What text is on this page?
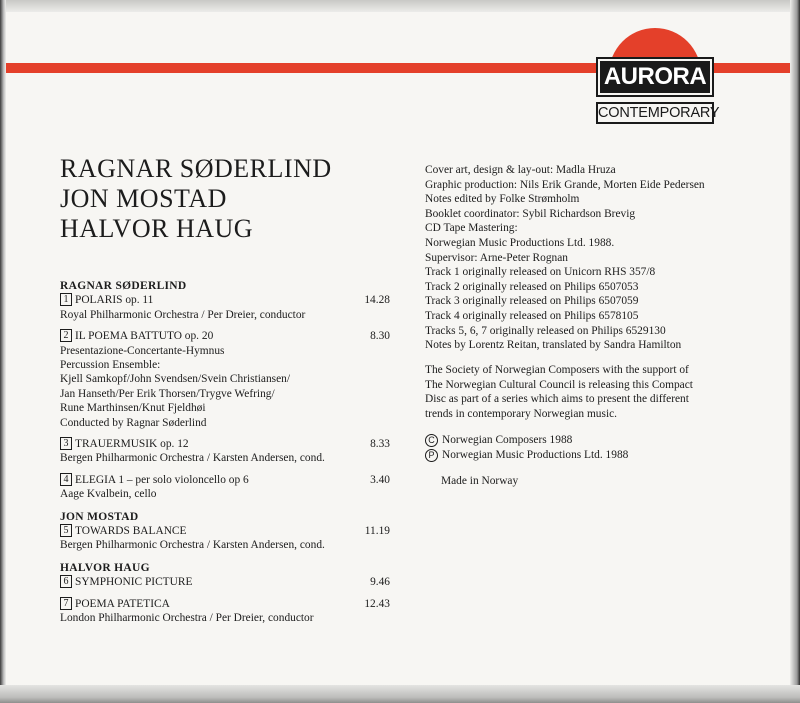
AURORA
CONTEMPORARY
RAGNAR SØDERLIND
JON MOSTAD
HALVOR HAUG
RAGNAR SØDERLIND
1 POLARIS op. 11	14.28
Royal Philharmonic Orchestra / Per Dreier, conductor
2 IL POEMA BATTUTO op. 20	8.30
Presentazione-Concertante-Hymnus
Percussion Ensemble:
Kjell Samkopf/John Svendsen/Svein Christiansen/
Jan Hanseth/Per Erik Thorsen/Trygve Wefring/
Rune Marthinsen/Knut Fjeldhøi
Conducted by Ragnar Søderlind
3 TRAUERMUSIK op. 12	8.33
Bergen Philharmonic Orchestra / Karsten Andersen, cond.
4 ELEGIA 1 – per solo violoncello op 6	3.40
Aage Kvalbein, cello
JON MOSTAD
5 TOWARDS BALANCE	11.19
Bergen Philharmonic Orchestra / Karsten Andersen, cond.
HALVOR HAUG
6 SYMPHONIC PICTURE	9.46
7 POEMA PATETICA	12.43
London Philharmonic Orchestra / Per Dreier, conductor
Cover art, design & lay-out: Madla Hruza
Graphic production: Nils Erik Grande, Morten Eide Pedersen
Notes edited by Folke Strømholm
Booklet coordinator: Sybil Richardson Brevig
CD Tape Mastering:
Norwegian Music Productions Ltd. 1988.
Supervisor: Arne-Peter Rognan
Track 1 originally released on Unicorn RHS 357/8
Track 2 originally released on Philips 6507053
Track 3 originally released on Philips 6507059
Track 4 originally released on Philips 6578105
Tracks 5, 6, 7 originally released on Philips 6529130
Notes by Lorentz Reitan, translated by Sandra Hamilton
The Society of Norwegian Composers with the support of
The Norwegian Cultural Council is releasing this Compact
Disc as part of a series which aims to present the different
trends in contemporary Norwegian music.
C Norwegian Composers 1988
P Norwegian Music Productions Ltd. 1988
Made in Norway
